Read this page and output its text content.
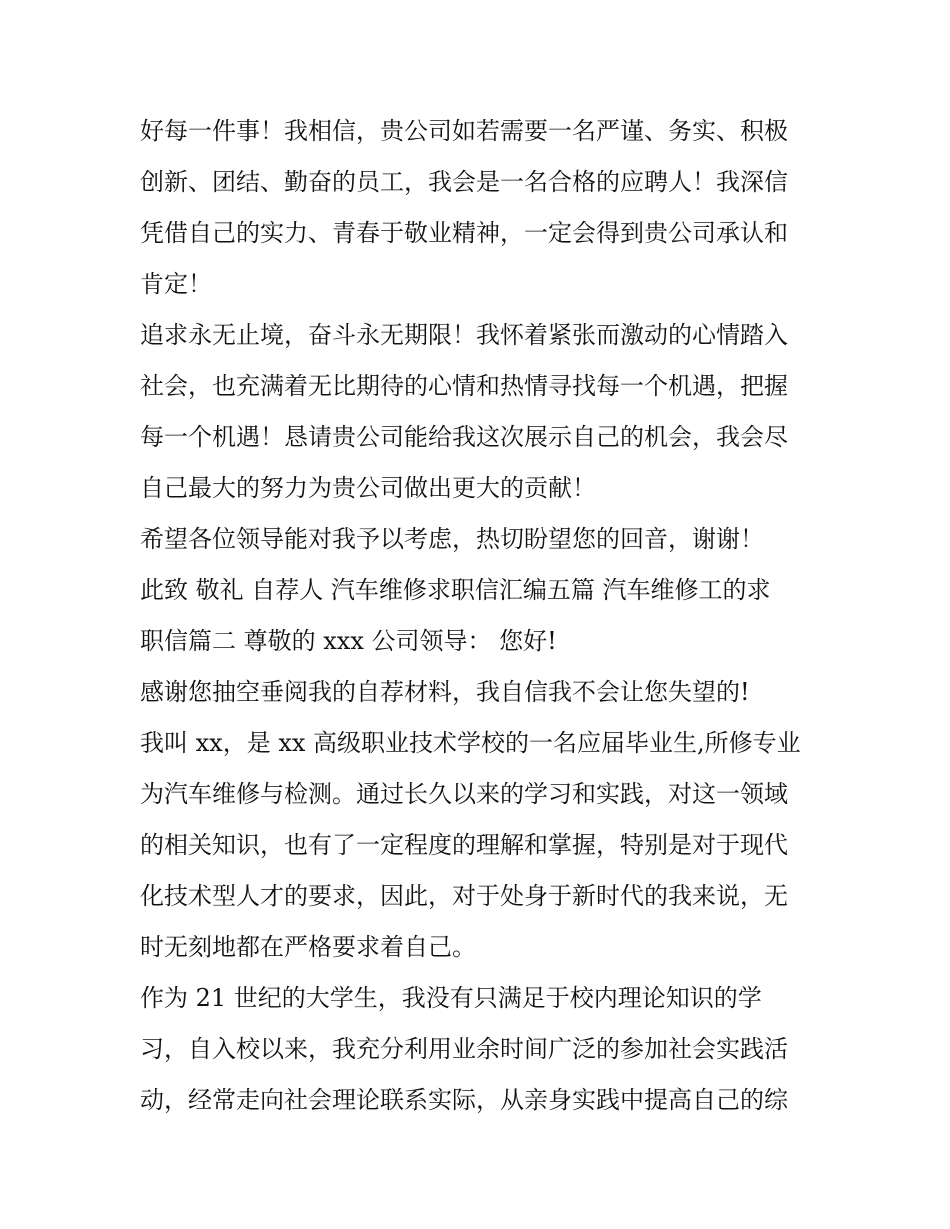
好每一件事！我相信，贵公司如若需要一名严谨、务实、积极
创新、团结、勤奋的员工，我会是一名合格的应聘人！我深信
凭借自己的实力、青春于敬业精神，一定会得到贵公司承认和
肯定！
追求永无止境，奋斗永无期限！我怀着紧张而激动的心情踏入
社会，也充满着无比期待的心情和热情寻找每一个机遇，把握
每一个机遇！恳请贵公司能给我这次展示自己的机会，我会尽
自己最大的努力为贵公司做出更大的贡献！
希望各位领导能对我予以考虑，热切盼望您的回音，谢谢！
此致 敬礼 自荐人 汽车维修求职信汇编五篇 汽车维修工的求
职信篇二 尊敬的 xxx 公司领导： 您好!
感谢您抽空垂阅我的自荐材料，我自信我不会让您失望的!
我叫 xx，是 xx 高级职业技术学校的一名应届毕业生,所修专业
为汽车维修与检测。通过长久以来的学习和实践，对这一领域
的相关知识，也有了一定程度的理解和掌握，特别是对于现代
化技术型人才的要求，因此，对于处身于新时代的我来说，无
时无刻地都在严格要求着自己。
作为 21 世纪的大学生，我没有只满足于校内理论知识的学
习，自入校以来，我充分利用业余时间广泛的参加社会实践活
动，经常走向社会理论联系实际，从亲身实践中提高自己的综
